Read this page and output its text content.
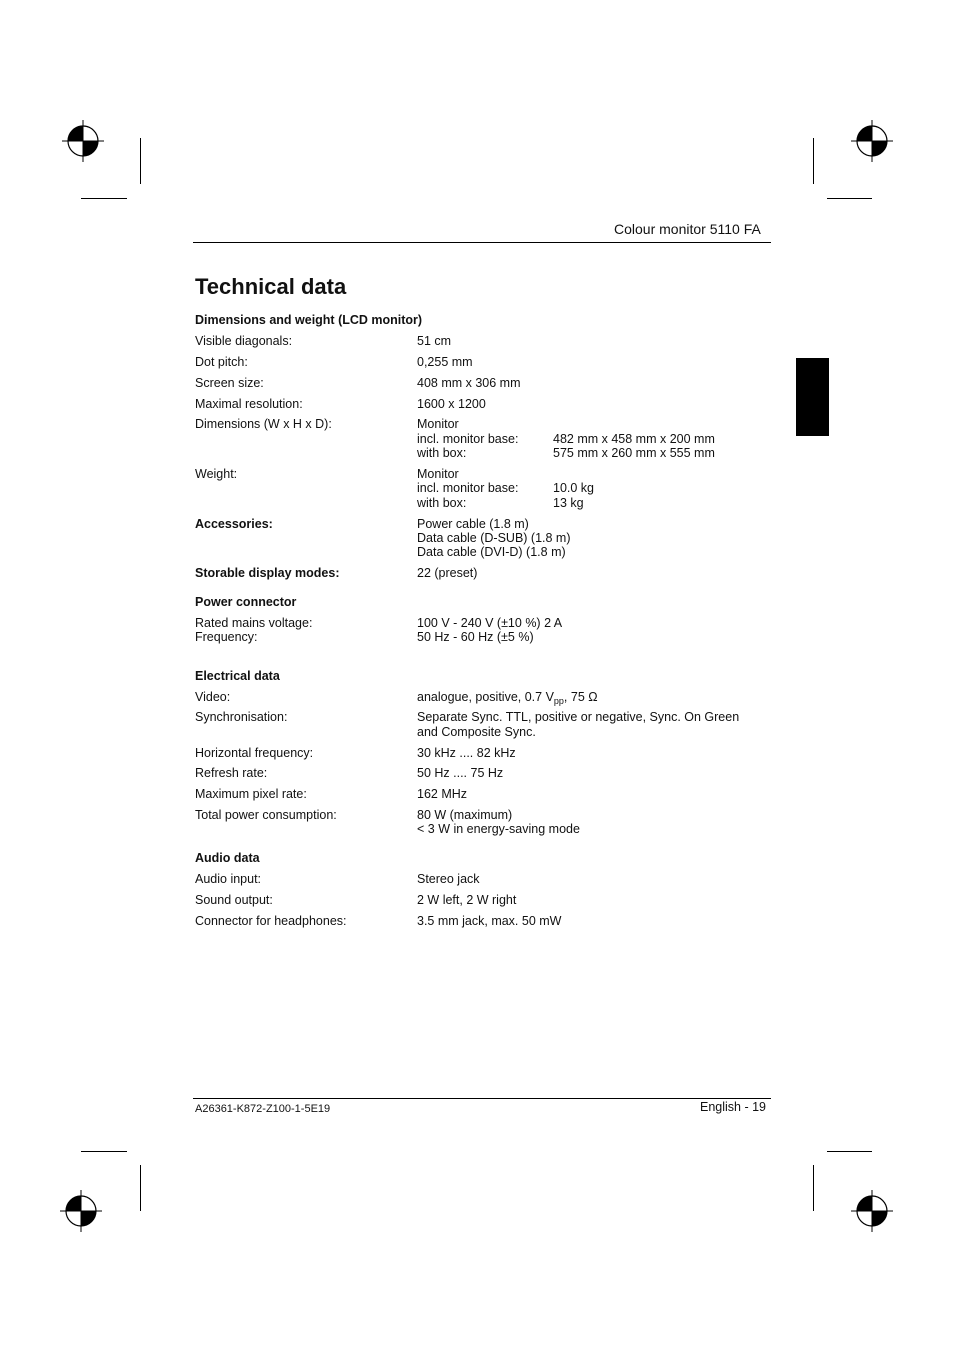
Colour monitor 5110 FA
Technical data
Dimensions and weight (LCD monitor)
Visible diagonals:	51 cm
Dot pitch:	0,255 mm
Screen size:	408 mm x 306 mm
Maximal resolution:	1600 x 1200
Dimensions (W x H x D):	Monitor
incl. monitor base:	482 mm x 458 mm x 200 mm
with box:	575 mm x 260 mm x 555 mm
Weight:	Monitor
incl. monitor base:	10.0 kg
with box:	13 kg
Accessories:	Power cable (1.8 m)
Data cable (D-SUB) (1.8 m)
Data cable (DVI-D) (1.8 m)
Storable display modes:	22 (preset)
Power connector
Rated mains voltage:	100 V - 240 V (±10 %) 2 A
Frequency:	50 Hz - 60 Hz (±5 %)
Electrical data
Video:	analogue, positive, 0.7 $V_{pp}$, 75 Ω
Synchronisation:	Separate Sync. TTL, positive or negative, Sync. On Green
and Composite Sync.
Horizontal frequency:	30 kHz .... 82 kHz
Refresh rate:	50 Hz .... 75 Hz
Maximum pixel rate:	162 MHz
Total power consumption:	80 W (maximum)
< 3 W in energy-saving mode
Audio data
Audio input:	Stereo jack
Sound output:	2 W left, 2 W right
Connector for headphones:	3.5 mm jack, max. 50 mW
A26361-K872-Z100-1-5E19	English - 19
